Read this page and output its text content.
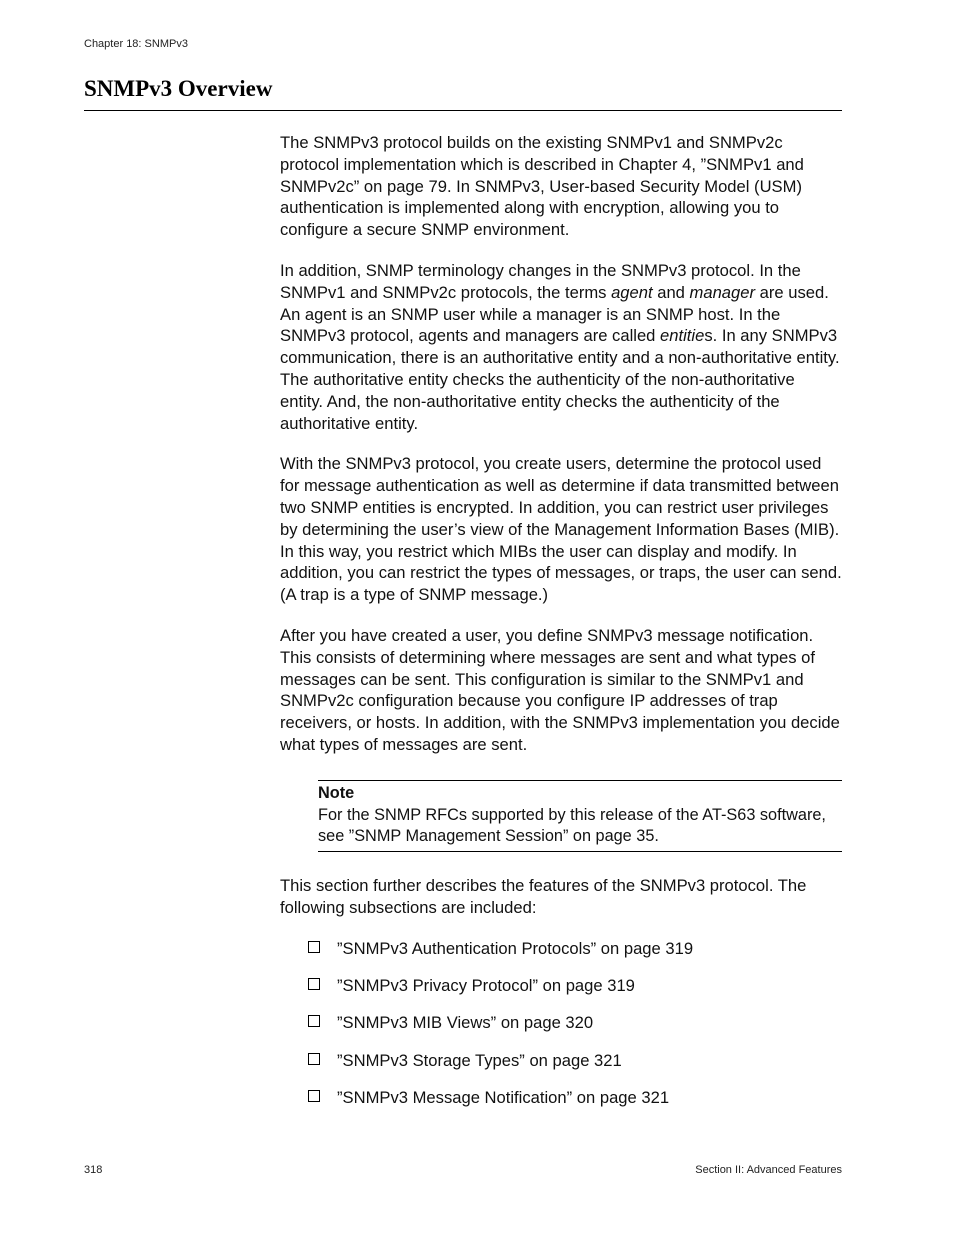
Chapter 18: SNMPv3
SNMPv3 Overview

The SNMPv3 protocol builds on the existing SNMPv1 and SNMPv2c protocol implementation which is described in Chapter 4, ”SNMPv1 and SNMPv2c” on page 79. In SNMPv3, User-based Security Model (USM) authentication is implemented along with encryption, allowing you to configure a secure SNMP environment.

In addition, SNMP terminology changes in the SNMPv3 protocol. In the SNMPv1 and SNMPv2c protocols, the terms agent and manager are used. An agent is an SNMP user while a manager is an SNMP host. In the SNMPv3 protocol, agents and managers are called entities. In any SNMPv3 communication, there is an authoritative entity and a non-authoritative entity. The authoritative entity checks the authenticity of the non-authoritative entity. And, the non-authoritative entity checks the authenticity of the authoritative entity.

With the SNMPv3 protocol, you create users, determine the protocol used for message authentication as well as determine if data transmitted between two SNMP entities is encrypted. In addition, you can restrict user privileges by determining the user’s view of the Management Information Bases (MIB). In this way, you restrict which MIBs the user can display and modify. In addition, you can restrict the types of messages, or traps, the user can send. (A trap is a type of SNMP message.)

After you have created a user, you define SNMPv3 message notification. This consists of determining where messages are sent and what types of messages can be sent. This configuration is similar to the SNMPv1 and SNMPv2c configuration because you configure IP addresses of trap receivers, or hosts. In addition, with the SNMPv3 implementation you decide what types of messages are sent.

Note
For the SNMP RFCs supported by this release of the AT-S63 software, see ”SNMP Management Session” on page 35.

This section further describes the features of the SNMPv3 protocol. The following subsections are included:

”SNMPv3 Authentication Protocols” on page 319
”SNMPv3 Privacy Protocol” on page 319
”SNMPv3 MIB Views” on page 320
”SNMPv3 Storage Types” on page 321
”SNMPv3 Message Notification” on page 321
318	Section II: Advanced Features
